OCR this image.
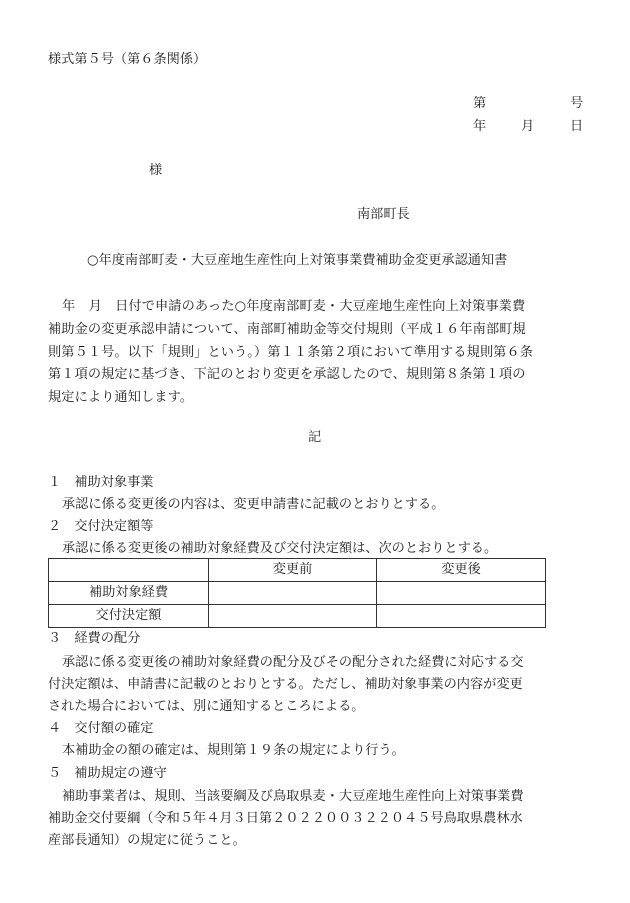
様式第５号（第６条関係）
第	号
年	月	日
様
南部町長
○年度南部町麦・大豆産地生産性向上対策事業費補助金変更承認通知書
年　月　日付で申請のあった○年度南部町麦・大豆産地生産性向上対策事業費
補助金の変更承認申請について、南部町補助金等交付規則（平成１６年南部町規
則第５１号。以下「規則」という。）第１１条第２項において準用する規則第６条
第１項の規定に基づき、下記のとおり変更を承認したので、規則第８条第１項の
規定により通知します。
記
１　補助対象事業
承認に係る変更後の内容は、変更申請書に記載のとおりとする。
２　交付決定額等
承認に係る変更後の補助対象経費及び交付決定額は、次のとおりとする。
	変更前	変更後
補助対象経費		
交付決定額		
３　経費の配分
承認に係る変更後の補助対象経費の配分及びその配分された経費に対応する交
付決定額は、申請書に記載のとおりとする。ただし、補助対象事業の内容が変更
された場合においては、別に通知するところによる。
４　交付額の確定
本補助金の額の確定は、規則第１９条の規定により行う。
５　補助規定の遵守
補助事業者は、規則、当該要綱及び鳥取県麦・大豆産地生産性向上対策事業費
補助金交付要綱（令和５年４月３日第２０２２００３２２０４５号鳥取県農林水
産部長通知）の規定に従うこと。
